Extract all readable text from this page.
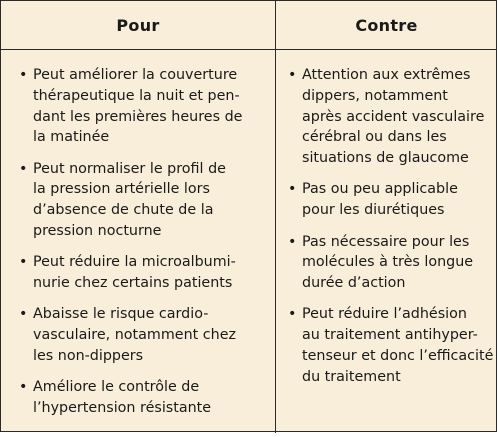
Pour	Contre
• Peut améliorer la couverture
thérapeutique la nuit et pen-
dant les premières heures de
la matinée
• Peut normaliser le profil de
la pression artérielle lors
d’absence de chute de la
pression nocturne
• Peut réduire la microalbumi-
nurie chez certains patients
• Abaisse le risque cardio-
vasculaire, notamment chez
les non-dippers
• Améliore le contrôle de
l’hypertension résistante
• Attention aux extrêmes
dippers, notamment
après accident vasculaire
cérébral ou dans les
situations de glaucome
• Pas ou peu applicable
pour les diurétiques
• Pas nécessaire pour les
molécules à très longue
durée d’action
• Peut réduire l’adhésion
au traitement antihyper-
tenseur et donc l’efficacité
du traitement
